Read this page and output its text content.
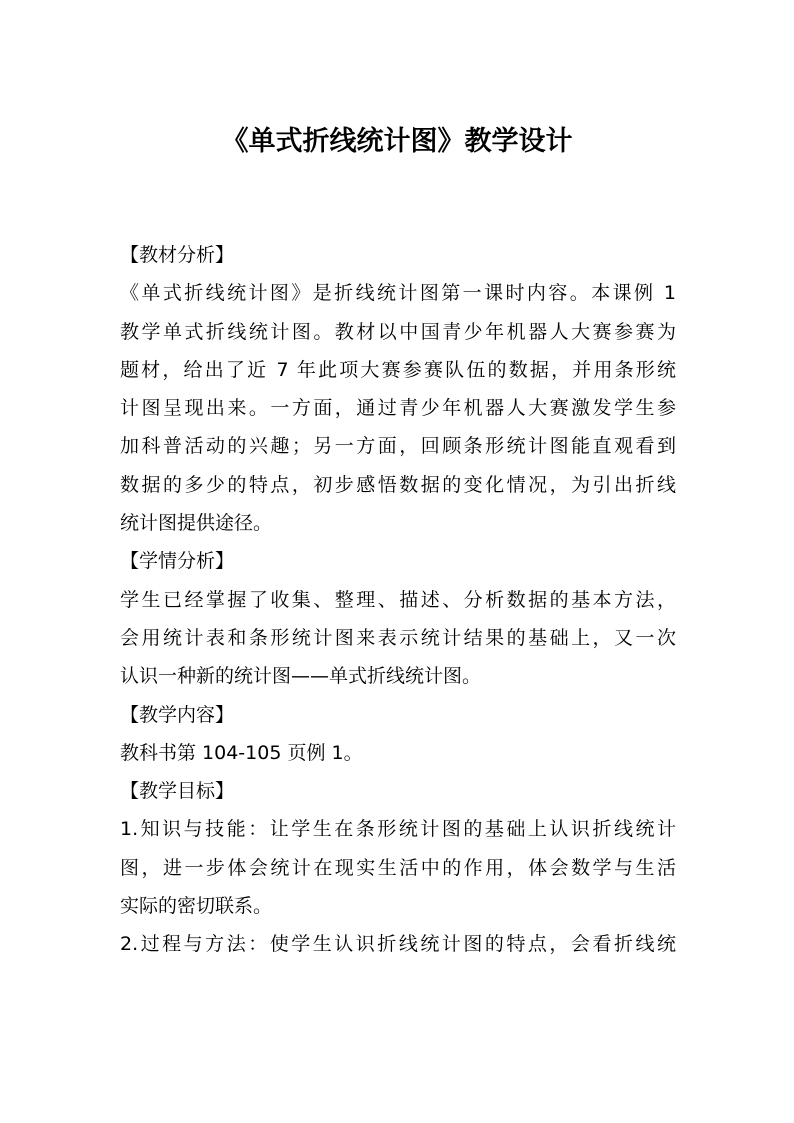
《单式折线统计图》教学设计
【教材分析】
《单式折线统计图》是折线统计图第一课时内容。本课例 1
教学单式折线统计图。教材以中国青少年机器人大赛参赛为
题材，给出了近 7 年此项大赛参赛队伍的数据，并用条形统
计图呈现出来。一方面，通过青少年机器人大赛激发学生参
加科普活动的兴趣；另一方面，回顾条形统计图能直观看到
数据的多少的特点，初步感悟数据的变化情况，为引出折线
统计图提供途径。
【学情分析】
学生已经掌握了收集、整理、描述、分析数据的基本方法，
会用统计表和条形统计图来表示统计结果的基础上，又一次
认识一种新的统计图——单式折线统计图。
【教学内容】
教科书第 104-105 页例 1。
【教学目标】
1.知识与技能：让学生在条形统计图的基础上认识折线统计
图，进一步体会统计在现实生活中的作用，体会数学与生活
实际的密切联系。
2.过程与方法：使学生认识折线统计图的特点，会看折线统
